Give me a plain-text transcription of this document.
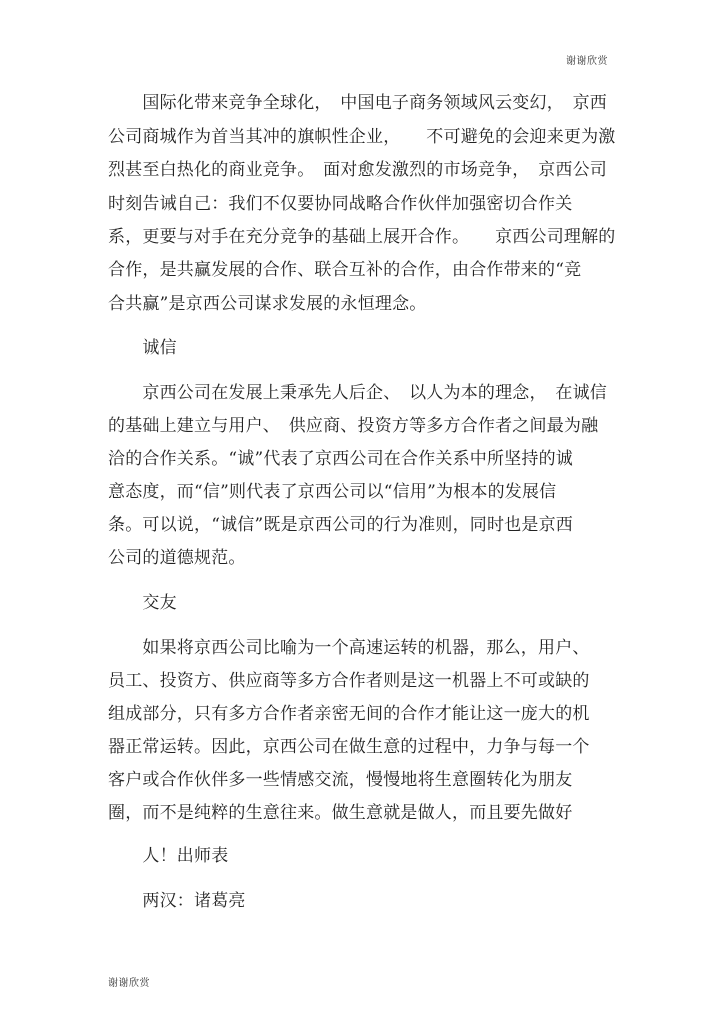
谢谢欣赏
　　国际化带来竞争全球化，　中国电子商务领域风云变幻，　京西
公司商城作为首当其冲的旗帜性企业，　　不可避免的会迎来更为激
烈甚至白热化的商业竞争。　面对愈发激烈的市场竞争，　京西公司
时刻告诫自己：我们不仅要协同战略合作伙伴加强密切合作关
系，更要与对手在充分竞争的基础上展开合作。　　京西公司理解的
合作，是共赢发展的合作、联合互补的合作，由合作带来的“竞
合共赢”是京西公司谋求发展的永恒理念。
　　诚信
　　京西公司在发展上秉承先人后企、　以人为本的理念，　在诚信
的基础上建立与用户、　供应商、投资方等多方合作者之间最为融
洽的合作关系。“诚”代表了京西公司在合作关系中所坚持的诚
意态度，而“信”则代表了京西公司以“信用”为根本的发展信
条。可以说，“诚信”既是京西公司的行为准则，同时也是京西
公司的道德规范。
　　交友
　　如果将京西公司比喻为一个高速运转的机器，那么，用户、
员工、投资方、供应商等多方合作者则是这一机器上不可或缺的
组成部分，只有多方合作者亲密无间的合作才能让这一庞大的机
器正常运转。因此，京西公司在做生意的过程中，力争与每一个
客户或合作伙伴多一些情感交流，慢慢地将生意圈转化为朋友
圈，而不是纯粹的生意往来。做生意就是做人，而且要先做好
　　人！出师表
　　两汉：诸葛亮
谢谢欣赏
